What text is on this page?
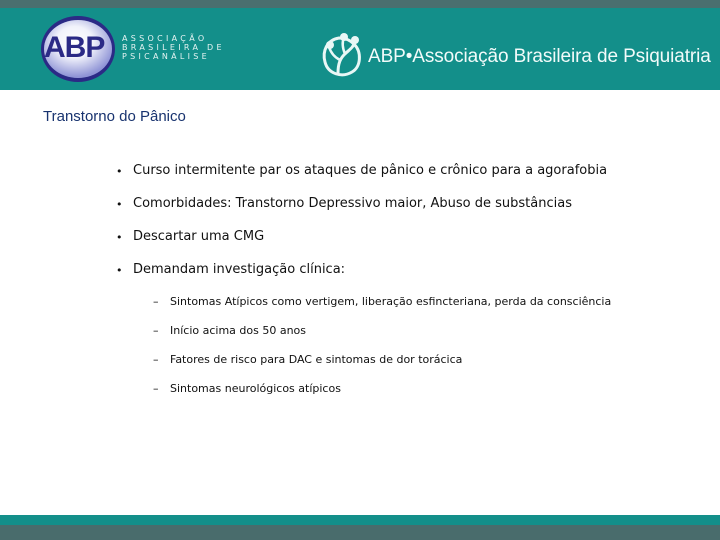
ABP	ASSOCIAÇÃO
BRASILEIRA DE
PSICANÁLISE	ABP•Associação Brasileira de Psiquiatria
Transtorno do Pânico
• Curso intermitente par os ataques de pânico e crônico para a agorafobia
• Comorbidades: Transtorno Depressivo maior, Abuso de substâncias
• Descartar uma CMG
• Demandam investigação clínica:
– Sintomas Atípicos como vertigem, liberação esfincteriana, perda da consciência
– Início acima dos 50 anos
– Fatores de risco para DAC e sintomas de dor torácica
– Sintomas neurológicos atípicos
